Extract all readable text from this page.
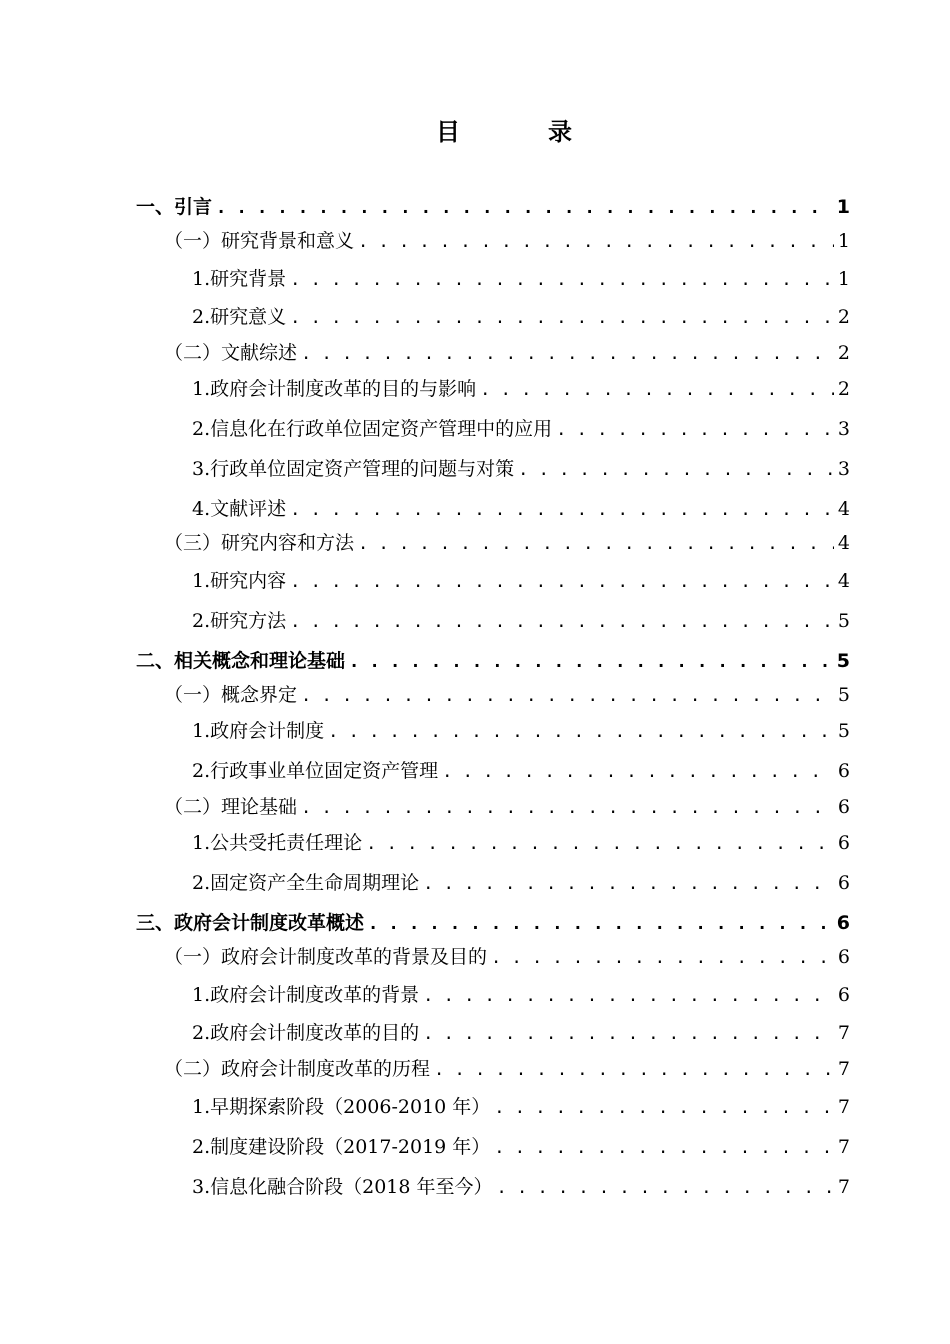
目　录
一、引言 . . .	1
（一）研究背景和意义 . . .	1
1.研究背景 . . .	1
2.研究意义 . . .	2
（二）文献综述 . . .	2
1.政府会计制度改革的目的与影响 . . .	2
2.信息化在行政单位固定资产管理中的应用 . . .	3
3.行政单位固定资产管理的问题与对策 . . .	3
4.文献评述 . . .	4
（三）研究内容和方法 . . .	4
1.研究内容 . . .	4
2.研究方法 . . .	5
二、相关概念和理论基础 . . .	5
（一）概念界定 . . .	5
1.政府会计制度 . . .	5
2.行政事业单位固定资产管理 . . .	6
（二）理论基础 . . .	6
1.公共受托责任理论 . . .	6
2.固定资产全生命周期理论 . . .	6
三、政府会计制度改革概述 . . .	6
（一）政府会计制度改革的背景及目的 . . .	6
1.政府会计制度改革的背景 . . .	6
2.政府会计制度改革的目的 . . .	7
（二）政府会计制度改革的历程 . . .	7
1.早期探索阶段（2006-2010 年） . . .	7
2.制度建设阶段（2017-2019 年） . . .	7
3.信息化融合阶段（2018 年至今） . . .	7
